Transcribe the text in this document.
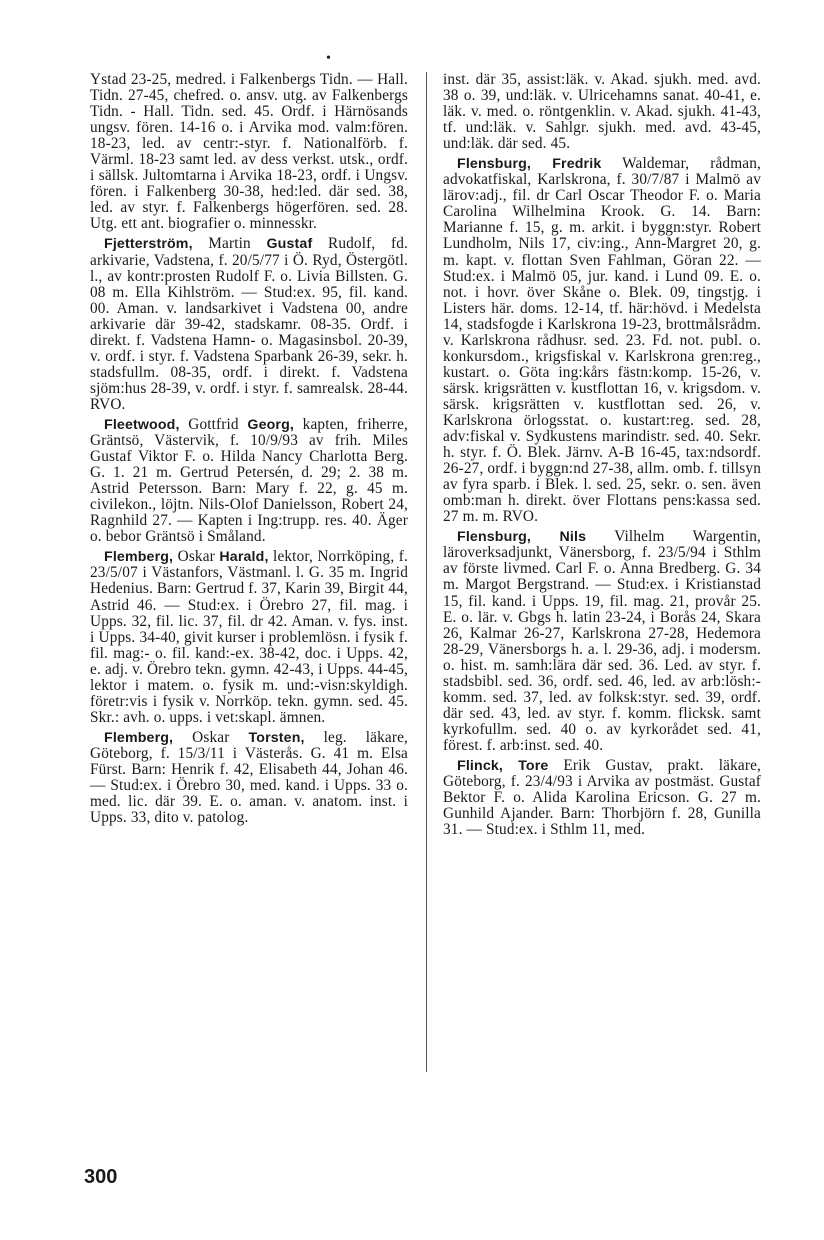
•

Ystad 23-25, medred. i Falkenbergs Tidn. — Hall. Tidn. 27-45, chefred. o. ansv. utg. av Falkenbergs Tidn. - Hall. Tidn. sed. 45. Ordf. i Härnösands ungsv. fören. 14-16 o. i Arvika mod. valm:fören. 18-23, led. av centr:-styr. f. Nationalförb. f. Värml. 18-23 samt led. av dess verkst. utsk., ordf. i sällsk. Jultomtarna i Arvika 18-23, ordf. i Ungsv. fören. i Falkenberg 30-38, hed:led. där sed. 38, led. av styr. f. Falkenbergs högerfören. sed. 28. Utg. ett ant. biografier o. minnesskr.

Fjetterström, Martin Gustaf Rudolf, fd. arkivarie, Vadstena, f. 20/5/77 i Ö. Ryd, Östergötl. l., av kontr:prosten Rudolf F. o. Livia Billsten. G. 08 m. Ella Kihlström. — Stud:ex. 95, fil. kand. 00. Aman. v. landsarkivet i Vadstena 00, andre arkivarie där 39-42, stadskamr. 08-35. Ordf. i direkt. f. Vadstena Hamn- o. Magasinsbol. 20-39, v. ordf. i styr. f. Vadstena Sparbank 26-39, sekr. h. stadsfullm. 08-35, ordf. i direkt. f. Vadstena sjöm:hus 28-39, v. ordf. i styr. f. samrealsk. 28-44. RVO.

Fleetwood, Gottfrid Georg, kapten, friherre, Gräntsö, Västervik, f. 10/9/93 av frih. Miles Gustaf Viktor F. o. Hilda Nancy Charlotta Berg. G. 1. 21 m. Gertrud Petersén, d. 29; 2. 38 m. Astrid Petersson. Barn: Mary f. 22, g. 45 m. civilekon., löjtn. Nils-Olof Danielsson, Robert 24, Ragnhild 27. — Kapten i Ing:trupp. res. 40. Äger o. bebor Gräntsö i Småland.

Flemberg, Oskar Harald, lektor, Norrköping, f. 23/5/07 i Västanfors, Västmanl. l. G. 35 m. Ingrid Hedenius. Barn: Gertrud f. 37, Karin 39, Birgit 44, Astrid 46. — Stud:ex. i Örebro 27, fil. mag. i Upps. 32, fil. lic. 37, fil. dr 42. Aman. v. fys. inst. i Upps. 34-40, givit kurser i problemlösn. i fysik f. fil. mag:- o. fil. kand:-ex. 38-42, doc. i Upps. 42, e. adj. v. Örebro tekn. gymn. 42-43, i Upps. 44-45, lektor i matem. o. fysik m. und:-visn:skyldigh. företr:vis i fysik v. Norrköp. tekn. gymn. sed. 45. Skr.: avh. o. upps. i vet:skapl. ämnen.

Flemberg, Oskar Torsten, leg. läkare, Göteborg, f. 15/3/11 i Västerås. G. 41 m. Elsa Fürst. Barn: Henrik f. 42, Elisabeth 44, Johan 46. — Stud:ex. i Örebro 30, med. kand. i Upps. 33 o. med. lic. där 39. E. o. aman. v. anatom. inst. i Upps. 33, dito v. patolog.

inst. där 35, assist:läk. v. Akad. sjukh. med. avd. 38 o. 39, und:läk. v. Ulricehamns sanat. 40-41, e. läk. v. med. o. röntgenklin. v. Akad. sjukh. 41-43, tf. und:läk. v. Sahlgr. sjukh. med. avd. 43-45, und:läk. där sed. 45.

Flensburg, Fredrik Waldemar, rådman, advokatfiskal, Karlskrona, f. 30/7/87 i Malmö av lärov:adj., fil. dr Carl Oscar Theodor F. o. Maria Carolina Wilhelmina Krook. G. 14. Barn: Marianne f. 15, g. m. arkit. i byggn:styr. Robert Lundholm, Nils 17, civ:ing., Ann-Margret 20, g. m. kapt. v. flottan Sven Fahlman, Göran 22. — Stud:ex. i Malmö 05, jur. kand. i Lund 09. E. o. not. i hovr. över Skåne o. Blek. 09, tingstjg. i Listers här. doms. 12-14, tf. här:hövd. i Medelsta 14, stadsfogde i Karlskrona 19-23, brottmålsrådm. v. Karlskrona rådhusr. sed. 23. Fd. not. publ. o. konkursdom., krigsfiskal v. Karlskrona gren:reg., kustart. o. Göta ing:kårs fästn:komp. 15-26, v. särsk. krigsrätten v. kustflottan 16, v. krigsdom. v. särsk. krigsrätten v. kustflottan sed. 26, v. Karlskrona örlogsstat. o. kustart:reg. sed. 28, adv:fiskal v. Sydkustens marindistr. sed. 40. Sekr. h. styr. f. Ö. Blek. Järnv. A-B 16-45, tax:ndsordf. 26-27, ordf. i byggn:nd 27-38, allm. omb. f. tillsyn av fyra sparb. i Blek. l. sed. 25, sekr. o. sen. även omb:man h. direkt. över Flottans pens:kassa sed. 27 m. m. RVO.

Flensburg, Nils Vilhelm Wargentin, läroverksadjunkt, Vänersborg, f. 23/5/94 i Sthlm av förste livmed. Carl F. o. Anna Bredberg. G. 34 m. Margot Bergstrand. — Stud:ex. i Kristianstad 15, fil. kand. i Upps. 19, fil. mag. 21, provår 25. E. o. lär. v. Gbgs h. latin 23-24, i Borås 24, Skara 26, Kalmar 26-27, Karlskrona 27-28, Hedemora 28-29, Vänersborgs h. a. l. 29-36, adj. i modersm. o. hist. m. samh:lära där sed. 36. Led. av styr. f. stadsbibl. sed. 36, ordf. sed. 46, led. av arb:lösh:-komm. sed. 37, led. av folksk:styr. sed. 39, ordf. där sed. 43, led. av styr. f. komm. flicksk. samt kyrkofullm. sed. 40 o. av kyrkorådet sed. 41, förest. f. arb:inst. sed. 40.

Flinck, Tore Erik Gustav, prakt. läkare, Göteborg, f. 23/4/93 i Arvika av postmäst. Gustaf Bektor F. o. Alida Karolina Ericson. G. 27 m. Gunhild Ajander. Barn: Thorbjörn f. 28, Gunilla 31. — Stud:ex. i Sthlm 11, med.

300
